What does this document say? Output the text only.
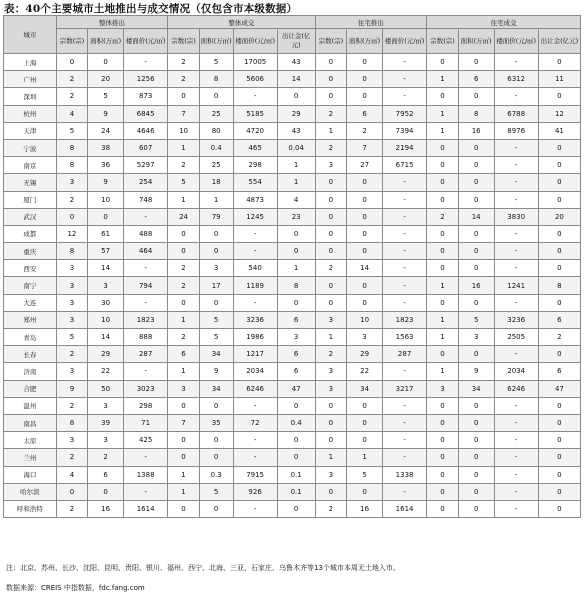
表：40个主要城市土地推出与成交情况（仅包含市本级数据）
城市	整体推出			整体成交				住宅推出			住宅成交			
	宗数(宗)	面积(万㎡)	楼面价(元/㎡)	宗数(宗)	面积(万㎡)	楼面价(元/㎡)	出让金(亿元)	宗数(宗)	面积(万㎡)	楼面价(元/㎡)	宗数(宗)	面积(万㎡)	楼面价(元/㎡)	出让金(亿元)
上海	0	0	-	2	5	17005	43	0	0	-	0	0	-	0
广州	2	20	1256	2	8	5606	14	0	0	-	1	6	6312	11
深圳	2	5	873	0	0	-	0	0	0	-	0	0	-	0
杭州	4	9	6845	7	25	5185	29	2	6	7952	1	8	6788	12
天津	5	24	4646	10	80	4720	43	1	2	7394	1	16	8976	41
宁波	8	38	607	1	0.4	465	0.04	2	7	2194	0	0	-	0
南京	8	36	5297	2	25	298	1	3	27	6715	0	0	-	0
无锡	3	9	254	5	18	554	1	0	0	-	0	0	-	0
厦门	2	10	748	1	1	4873	4	0	0	-	0	0	-	0
武汉	0	0	-	24	79	1245	23	0	0	-	2	14	3830	20
成都	12	61	488	0	0	-	0	0	0	-	0	0	-	0
重庆	8	57	464	0	0	-	0	0	0	-	0	0	-	0
西安	3	14	-	2	3	540	1	2	14	-	0	0	-	0
南宁	3	3	794	2	17	1189	8	0	0	-	1	16	1241	8
大连	3	30	-	0	0	-	0	0	0	-	0	0	-	0
郑州	3	10	1823	1	5	3236	6	3	10	1823	1	5	3236	6
青岛	5	14	888	2	5	1986	3	1	3	1563	1	3	2505	2
长春	2	29	287	6	34	1217	6	2	29	287	0	0	-	0
济南	3	22	-	1	9	2034	6	3	22	-	1	9	2034	6
合肥	9	50	3023	3	34	6246	47	3	34	3217	3	34	6246	47
温州	2	3	298	0	0	-	0	0	0	-	0	0	-	0
南昌	8	39	71	7	35	72	0.4	0	0	-	0	0	-	0
太原	3	3	425	0	0	-	0	0	0	-	0	0	-	0
兰州	2	2	-	0	0	-	0	1	1	-	0	0	-	0
海口	4	6	1388	1	0.3	7915	0.1	3	5	1338	0	0	-	0
哈尔滨	0	0	-	1	5	926	0.1	0	0	-	0	0	-	0
呼和浩特	2	16	1614	0	0	-	0	2	16	1614	0	0	-	0
注：北京、苏州、长沙、沈阳、昆明、贵阳、银川、福州、西宁、北海、三亚、石家庄、乌鲁木齐等13个城市本周无土地入市。
数据来源：CREIS 中指数据，fdc.fang.com
